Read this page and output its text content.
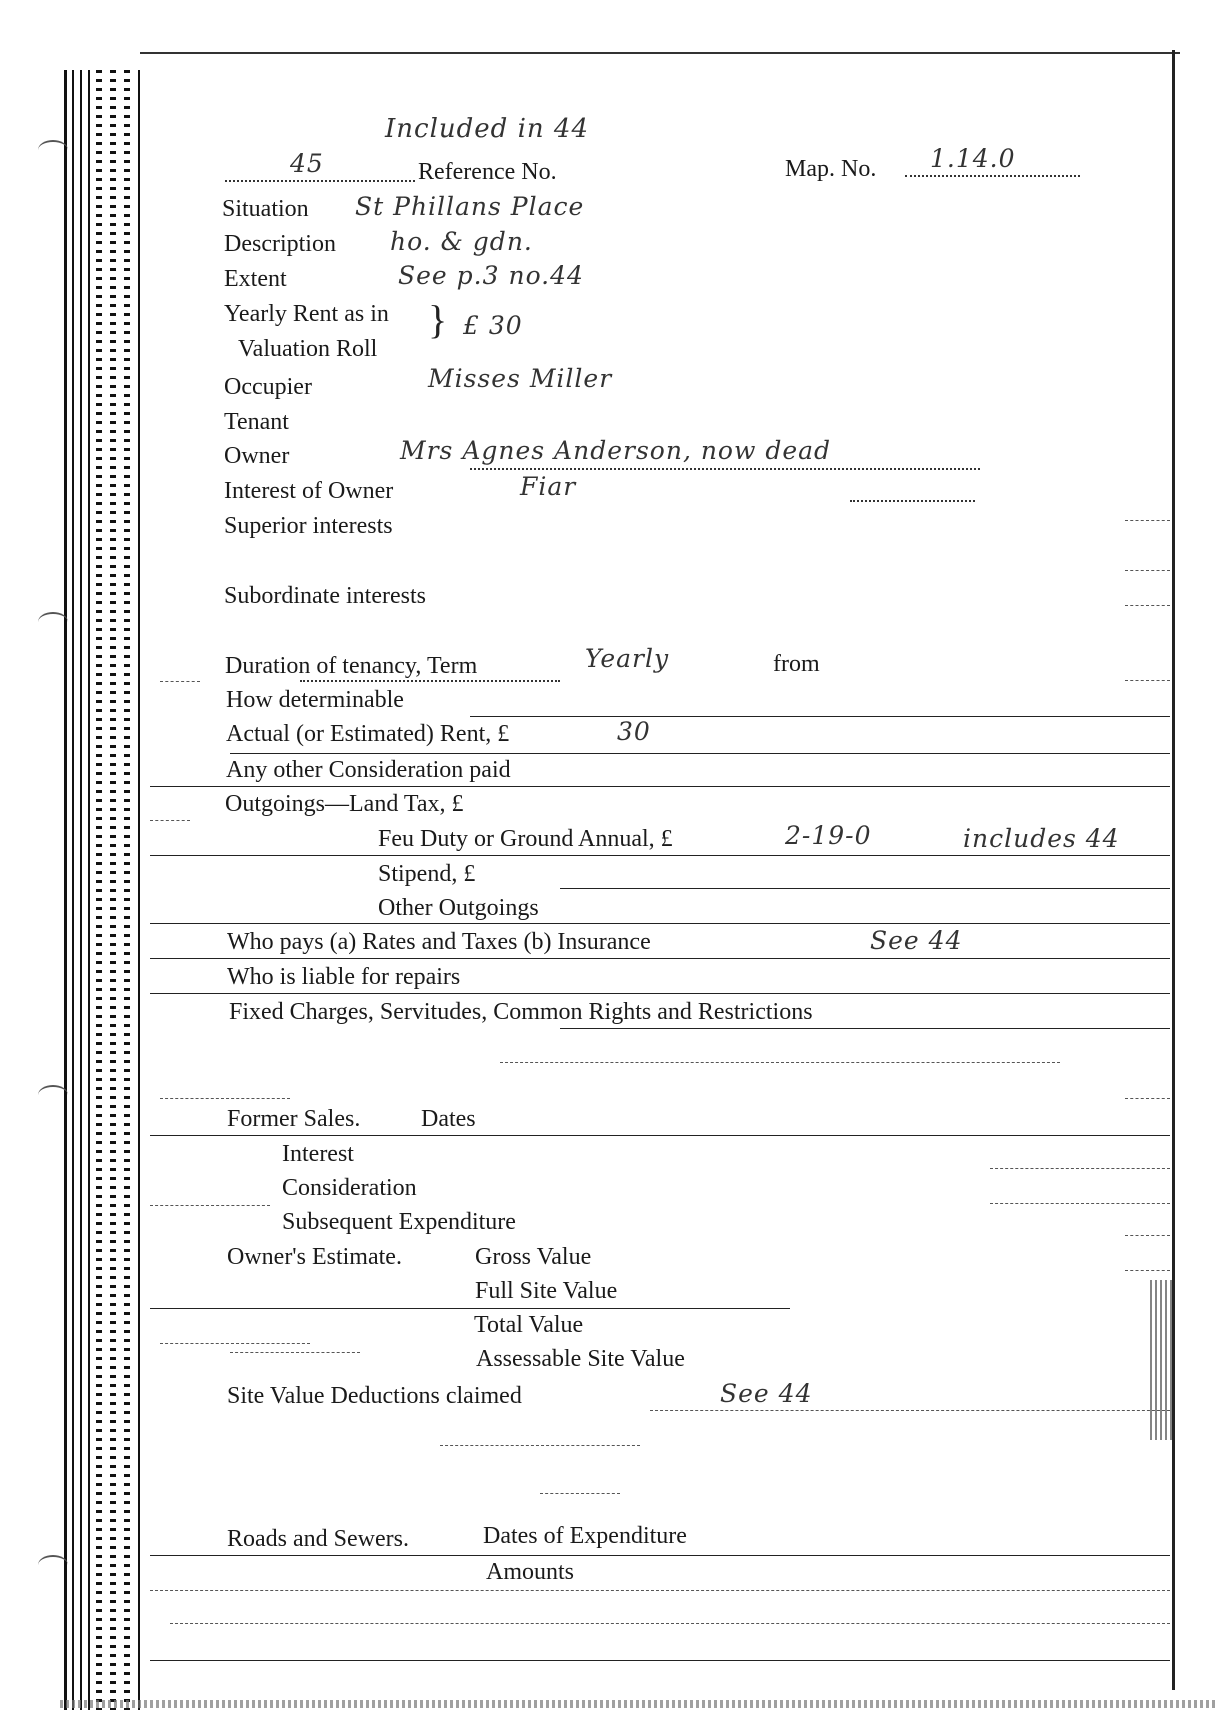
Included in 44
45	Reference No.	Map. No. 1.14.0
Situation St Phillans Place
Description ho. & gdn.
Extent	See p.3 no.44
Yearly Rent as in
Valuation Roll
} £ 30
Occupier	Misses Miller
Tenant
Owner	Mrs Agnes Anderson, now dead
Interest of Owner	Fiar
Superior interests
Subordinate interests
Duration of tenancy, Term	Yearly	from
How determinable
Actual (or Estimated) Rent, £	30
Any other Consideration paid
Outgoings—Land Tax, £
Feu Duty or Ground Annual, £	2-19-0	includes 44
Stipend, £
Other Outgoings
Who pays (a) Rates and Taxes (b) Insurance	See 44
Who is liable for repairs
Fixed Charges, Servitudes, Common Rights and Restrictions
Former Sales.	Dates
Interest
Consideration
Subsequent Expenditure
Owner's Estimate.	Gross Value
Full Site Value
Total Value
Assessable Site Value
Site Value Deductions claimed	See 44
Roads and Sewers.	Dates of Expenditure
Amounts
